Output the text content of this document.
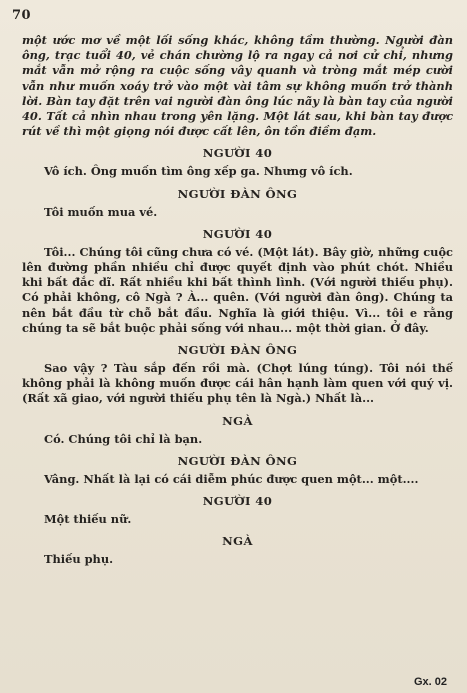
70

một ước mơ về một lối sống khác, không tầm thường. Người đàn ông, trạc tuổi 40, vẻ chán chường lộ ra ngay cả nơi cử chỉ, nhưng mắt vẫn mở rộng ra cuộc sống vây quanh và tròng mắt mép cười vẫn như muốn xoáy trở vào một vài tâm sự không muốn trở thành lời. Bàn tay đặt trên vai người đàn ông lúc nãy là bàn tay của người 40. Tất cả nhìn nhau trong yên lặng. Một lát sau, khi bàn tay được rút về thì một giọng nói được cất lên, ôn tồn điềm đạm.

NGƯỜI 40

Vô ích. Ông muốn tìm ông xếp ga. Nhưng vô ích.

NGƯỜI ĐÀN ÔNG

Tôi muốn mua vé.

NGƯỜI 40

Tôi... Chúng tôi cũng chưa có vé. (Một lát). Bây giờ, những cuộc lên đường phần nhiều chỉ được quyết định vào phút chót. Nhiều khi bất đắc dĩ. Rất nhiều khi bất thình lình. (Với người thiếu phụ). Có phải không, cô Ngà ? À... quên. (Với người đàn ông). Chúng ta nên bắt đầu từ chỗ bắt đầu. Nghĩa là giới thiệu. Vì... tôi e rằng chúng ta sẽ bắt buộc phải sống với nhau... một thời gian. Ở đây.

NGƯỜI ĐÀN ÔNG

Sao vậy ? Tàu sắp đến rồi mà. (Chợt lúng túng). Tôi nói thế không phải là không muốn được cái hân hạnh làm quen với quý vị. (Rất xã giao, với người thiếu phụ tên là Ngà.) Nhất là...

NGÀ

Có. Chúng tôi chỉ là bạn.

NGƯỜI ĐÀN ÔNG

Vâng. Nhất là lại có cái diễm phúc được quen một... một....

NGƯỜI 40

Một thiếu nữ.

NGÀ

Thiếu phụ.

Gx. 02
